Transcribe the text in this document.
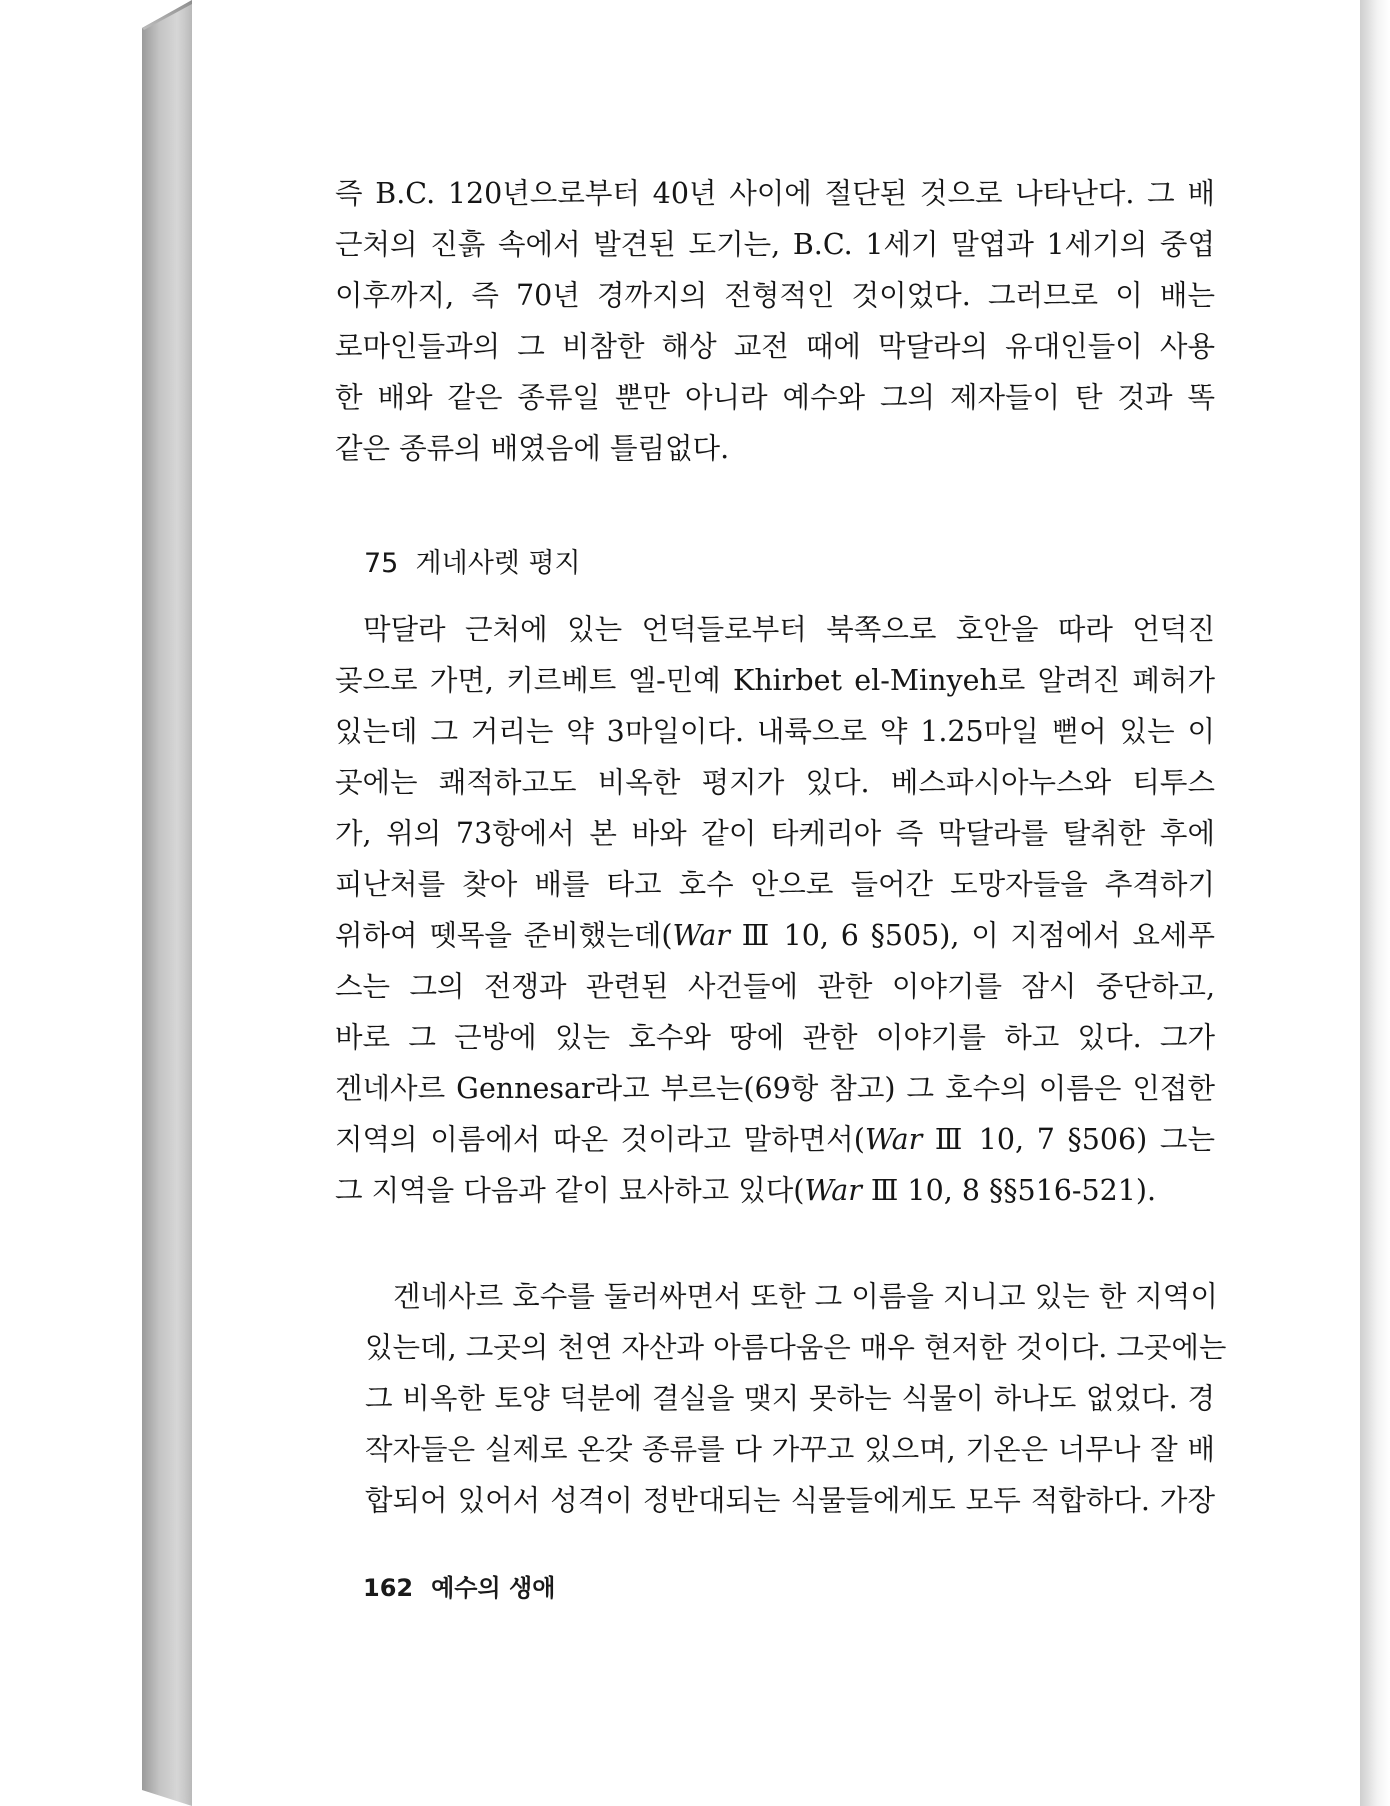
즉 B.C. 120년으로부터 40년 사이에 절단된 것으로 나타난다. 그 배
근처의 진흙 속에서 발견된 도기는, B.C. 1세기 말엽과 1세기의 중엽
이후까지, 즉 70년 경까지의 전형적인 것이었다. 그러므로 이 배는
로마인들과의 그 비참한 해상 교전 때에 막달라의 유대인들이 사용
한 배와 같은 종류일 뿐만 아니라 예수와 그의 제자들이 탄 것과 똑
같은 종류의 배였음에 틀림없다.
75 게네사렛 평지
막달라 근처에 있는 언덕들로부터 북쪽으로 호안을 따라 언덕진
곶으로 가면, 키르베트 엘-민예 Khirbet el-Minyeh로 알려진 폐허가
있는데 그 거리는 약 3마일이다. 내륙으로 약 1.25마일 뻗어 있는 이
곳에는 쾌적하고도 비옥한 평지가 있다. 베스파시아누스와 티투스
가, 위의 73항에서 본 바와 같이 타케리아 즉 막달라를 탈취한 후에
피난처를 찾아 배를 타고 호수 안으로 들어간 도망자들을 추격하기
위하여 뗏목을 준비했는데(War Ⅲ 10, 6 §505), 이 지점에서 요세푸
스는 그의 전쟁과 관련된 사건들에 관한 이야기를 잠시 중단하고,
바로 그 근방에 있는 호수와 땅에 관한 이야기를 하고 있다. 그가
겐네사르 Gennesar라고 부르는(69항 참고) 그 호수의 이름은 인접한
지역의 이름에서 따온 것이라고 말하면서(War Ⅲ 10, 7 §506) 그는
그 지역을 다음과 같이 묘사하고 있다(War Ⅲ 10, 8 §§516-521).
겐네사르 호수를 둘러싸면서 또한 그 이름을 지니고 있는 한 지역이
있는데, 그곳의 천연 자산과 아름다움은 매우 현저한 것이다. 그곳에는
그 비옥한 토양 덕분에 결실을 맺지 못하는 식물이 하나도 없었다. 경
작자들은 실제로 온갖 종류를 다 가꾸고 있으며, 기온은 너무나 잘 배
합되어 있어서 성격이 정반대되는 식물들에게도 모두 적합하다. 가장
162 예수의 생애
